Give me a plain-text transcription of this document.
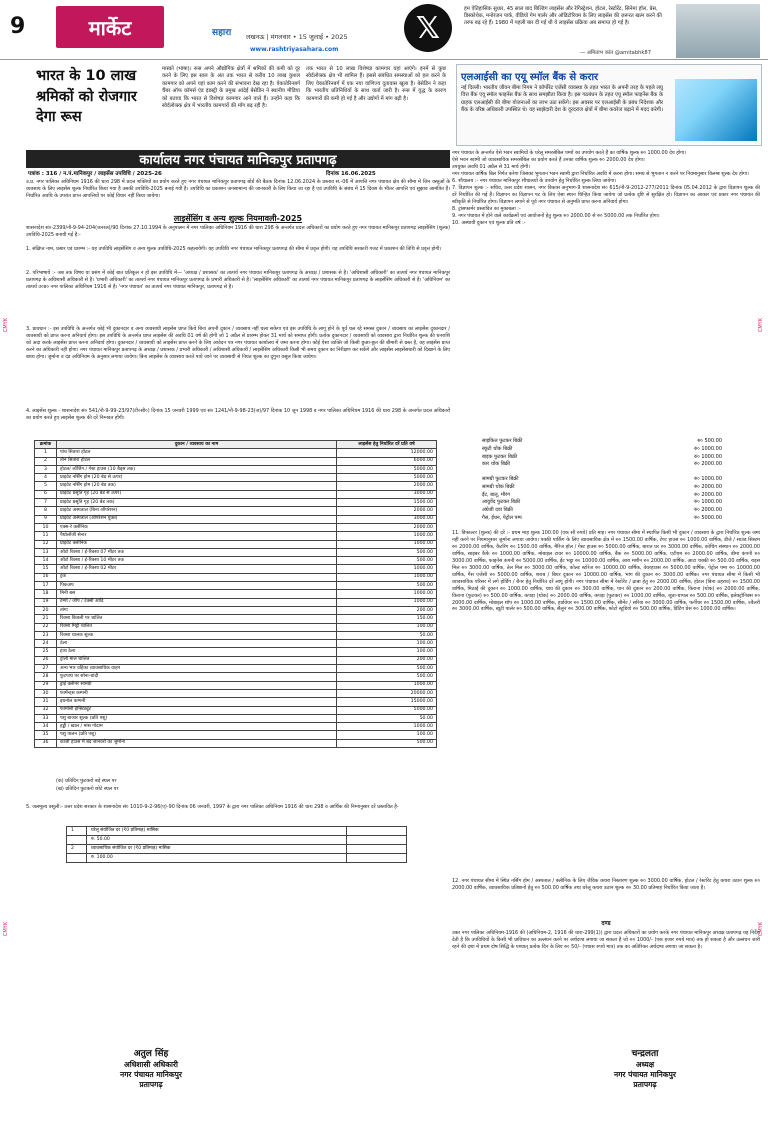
9	मार्केट	सहारा लखनऊ | मंगलवार • 15 जुलाई • 2025
www.rashtriyasahara.com
𝕏
हम ऐतिहासिक सुधार, 45 साल बाद बिल्डिंग लाइसेंस और रेगिस्ट्रेशन, होटल, रेस्टोरेंट, सिनेमा हॉल, प्रेस, डिस्कोथेक, मनोरंजन पार्क, वीडियो गेम पार्लर और ऑडिटोरियम के लिए लाइसेंस की ज़रूरत खत्म करने की तरफ बढ़ रहे हैं। 1980 में पहली बार दी गई थी ये लाइसेंस प्रक्रिया अब समाप्त हो गई है।
— अमिताभ कांत @amitabhk87
भारत के 10 लाख श्रमिकों को रोजगार देगा रूस
मास्को (भाषा)। रूस अपने औद्योगिक क्षेत्रों में श्रमिकों की कमी को दूर करने के लिए इस साल के अंत तक भारत से करीब 10 लाख कुशल कामगार को अपने यहां काम करने की संभावना देख रहा है। येकातेरिनबर्ग चैंबर ऑफ कॉमर्स एंड इंडस्ट्री के प्रमुख आंद्रेई बेसेडिन ने स्थानीय मीडिया को बताया कि भारत से विशेषज्ञ कामगार आने वाले हैं। उन्होंने कहा कि स्वेर्दलोव्स्क क्षेत्र में भारतीय कामगारों की माँग बढ़ रही है।
तक भारत से 10 लाख विशेषज्ञ कामगार यहां आएंगे। इनमें से कुछ स्वेर्दलोव्स्क क्षेत्र भी शामिल हैं। इससे संबंधित समस्याओं को हल करने के लिए येकातेरिनबर्ग में एक नया वाणिज्य दूतावास खुला है। बेसेडिन ने कहा कि भारतीय प्रतिनिधियों के साथ वार्ता जारी है। रूस में युद्ध के कारण कामगारों की कमी हो गई है और उद्योगों में मांग बढ़ी है।
एलआईसी का एयू स्मॉल बैंक से करार

नई दिल्ली। भारतीय जीवन बीमा निगम ने कॉर्पोरेट एजेंसी व्यवस्था के तहत भारत के अपनी तरह के पहले लघु वित्त बैंक एयू स्मॉल फाइनेंस बैंक के साथ समझौता किया है। इस गठबंधन के तहत एयू स्मॉल फाइनेंस बैंक के ग्राहक एलआईसी की बीमा योजनाओं का लाभ उठा सकेंगे। इस अवसर पर एलआईसी के प्रबंध निदेशक और बैंक के वरिष्ठ अधिकारी उपस्थित थे। यह साझेदारी देश के दूरदराज क्षेत्रों में बीमा कवरेज बढ़ाने में मदद करेगी।

कार्यालय नगर पंचायत मानिकपुर प्रतापगढ़
पत्रांक : 316 / न.पं.मानिकपुर / लाइसेंस उपविधि / 2025-26	दिनांक 16.06.2025
उ.प्र. नगर पालिका अधिनियम 1916 की धारा 298 में प्रदत्त शक्तियों का प्रयोग करते हुए नगर पंचायत मानिकपुर प्रतापगढ़ बोर्ड की बैठक दिनांक 12.06.2024 के प्रस्ताव सं.-06 में आपत्ति नगर पंचायत क्षेत्र की सीमा में जिन वस्तुओं के व्यवसाय के लिए लाइसेंस शुल्क निर्धारित किया गया है उसकी उपविधि-2025 बनाई गयी है। उपविधि का प्रकाशन जनसामान्य की जानकारी के लिए किया जा रहा है एवं उपविधि के संबंध में 15 दिवस के भीतर आपत्ति एवं सुझाव आमंत्रित हैं। निर्धारित अवधि के उपरांत प्राप्त आपत्तियों पर कोई विचार नहीं किया जायेगा।
लाइसेंसिंग व अन्य शुल्क नियमावली-2025
शासनादेश सं०-2399/नौ-9-94-204(जनरल)/90 दिनांक 27.10.1994 के अनुपालन में नगर पालिका अधिनियम 1916 की धारा 298 के अन्तर्गत प्रदत्त अधिकारों का प्रयोग करते हुए नगर पंचायत मानिकपुर प्रतापगढ़ लाइसेंसिंग (शुल्क) उपविधि-2025 बनायी गई है:-
1. संक्षिप्त नाम, प्रसार एवं प्रारम्भ :- यह उपविधि लाइसेंसिंग व अन्य शुल्क उपविधि-2025 कहलायेगी। यह उपविधि नगर पंचायत मानिकपुर प्रतापगढ़ की सीमा में प्रवृत्त होगी। यह उपविधि सरकारी गजट में प्रकाशन की तिथि से प्रवृत्त होगी।
2. परिभाषायें :- जब तक विषय या प्रसंग में कोई बात प्रतिकूल न हो इस उपविधि में— 'अध्यक्ष / प्रशासक' का तात्पर्य नगर पंचायत मानिकपुर प्रतापगढ़ के अध्यक्ष / प्रशासक से है। 'अधिशासी अधिकारी' का तात्पर्य नगर पंचायत मानिकपुर प्रतापगढ़ के अधिशासी अधिकारी से है। 'प्रभारी अधिकारी' का तात्पर्य नगर पंचायत मानिकपुर प्रतापगढ़ के प्रभारी अधिकारी से है। 'लाइसेंसिंग अधिकारी' का तात्पर्य नगर पंचायत मानिकपुर प्रतापगढ़ के लाइसेंसिंग अधिकारी से है। 'अधिनियम' का तात्पर्य उ०प्र० नगर पालिका अधिनियम 1916 से है। 'नगर पंचायत' का तात्पर्य नगर पंचायत मानिकपुर, प्रतापगढ़ से है।
3. प्रावधान :- इस उपविधि के अन्तर्गत कोई भी दुकानदार व अन्य व्यवसायी लाइसेंस प्राप्त किये बिना अपनी दुकान / व्यवसाय नहीं चला सकेगा एवं इस उपविधि के लागू होने के पूर्व चल रहे समस्त दुकान / व्यवसाय का लाइसेंस दुकानदार / व्यवसायी को प्राप्त करना अनिवार्य होगा। इस उपविधि के अन्तर्गत प्राप्त लाइसेंस की अवधि 01 वर्ष की होगी जो 1 अप्रैल से प्रारम्भ होकर 31 मार्च को समाप्त होगी। प्रत्येक दुकानदार / व्यवसायी को व्यवसाय द्वारा निर्धारित शुल्क की धनराशि को अदा करके लाइसेंस प्राप्त करना अनिवार्य होगा। दुकानदार / व्यवसायी को लाइसेंस प्राप्त करने के लिए आवेदन पत्र नगर पंचायत कार्यालय में जमा करना होगा। कोई ऐसा व्यक्ति जो किसी छुआ-छूत की बीमारी से ग्रस्त है, वह लाइसेंस प्राप्त करने का अधिकारी नहीं होगा। नगर पंचायत मानिकपुर प्रतापगढ़ के अध्यक्ष / प्रशासक / प्रभारी अधिकारी / अधिशासी अधिकारी / लाइसेंसिंग अधिकारी किसी भी समय दुकान का निरीक्षण कर सकेंगे और लाइसेंस लाइसेंसधारी को दिखाने के लिए बाध्य होगा। जुर्माना व दंड अधिनियम के अनुसार लगाया जायेगा। बिना लाइसेंस के व्यवसाय करते पाये जाने पर व्यवसायी से नियत शुल्क का दुगुना वसूल किया जायेगा।
4. लाइसेंस शुल्क - शासनादेश सं० 541/नौ-9-99-23/97(टी०सी०) दिनांक 15 जनवरी 1999 एवं सं० 1241/नौ-9-98-23(ज)/97 दिनांक 10 जून 1998 व नगर पालिका अधिनियम 1916 की धारा 298 के अन्तर्गत प्रदत्त अधिकारों का प्रयोग करते हुए लाइसेंस शुल्क की दरें निम्नवत होंगी।
क्रमांक	दुकान / व्यवसाय का नाम	लाइसेंस हेतु निर्धारित दरें प्रति वर्ष
1	पांच सितारा होटल	12000.00
2	तीन सितारा होटल	6000.00
3	होटल/ लॉजिंग / गेस्ट हाउस (10 बैड्स तक)	5000.00
4	प्राइवेट नर्सिंग होम (20 बेड से ऊपर)	5000.00
5	प्राइवेट नर्सिंग होम (20 बेड तक)	2000.00
6	प्राइवेट प्रसूति गृह (20 बेड से ऊपर)	3000.00
7	प्राइवेट प्रसूति गृह (20 बेड तक)	1500.00
8	प्राइवेट अस्पताल (बिना ऑपरेशन)	2000.00
9	प्राइवेट अस्पताल (ऑपरेशन युक्त)	3000.00
10	एक्स-रे क्लीनिक	2000.00
11	पैथोलॉजी सेन्टर	1000.00
12	प्राइवेट क्लीनिक	1000.00
13	ऑटो रिक्शा / ई-रिक्शा 07 मीटर तक	500.00
14	ऑटो रिक्शा / ई-रिक्शा 10 मीटर तक	500.00
15	ऑटो रिक्शा / ई-रिक्शा 02 मीटर	1000.00
16	ट्रक	1000.00
17	पिकअप	500.00
18	मिनी बस	1000.00
19	टेम्पो / जीप / टैक्सी आदि	1000.00
20	तांगा	200.00
21	रिक्शा बिजली पर चालित	150.00
22	रिक्शा मिट्टी चालित	100.00
23	रिक्शा चालक शुल्क	50.00
24	ठेला	100.00
25	हाथ ठेला	100.00
26	ट्रॉली माल चालित	200.00
27	अन्य भार वहिका व्यावसायिक वाहन	500.00
28	फुटपाथ पर सोना-चांदी	500.00
29	ड्राई क्लीनर सामग्री	1000.00
30	फार्मेन्ट्स कम्पनी	20000.00
31	इथनोल कम्पनी	15000.00
32	फार्मासी इन्स्टिट्यूट	5000.00
33	पशु बाजार शुल्क (प्रति पशु)	50.00
34	हड्डी / खाल / मांस गोदाम	1000.00
35	पशु पालन (प्रति पशु)	100.00
36	काजी हाउस में बंद जानवरों का जुर्माना	500.00
(क) प्रतिदिन फुटकरो बड़े स्थल पर
(ख) प्रतिदिन फुटकरो छोटे स्थल पर
5. जलमूल्य वसूली:- उत्तर प्रदेश सरकार के शासनादेश सं० 1010-9-2-96(ए)-90 दिनांक 06 जनवरी, 1997 के द्वारा नगर पालिका अधिनियम 1916 की धारा 298 व आर्थिक की निम्नानुसार दरें प्रस्तावित है-
1	घरेलू संयोजित दर (₹0 प्रतिमाह) मासिक	
	रु. 50.00	
2	व्यावसायिक संयोजित दर (₹0 प्रतिमाह) मासिक	
	रु. 100.00	
अतुल सिंह
अधिशासी अधिकारी
नगर पंचायत मानिकपुर
प्रतापगढ़
नगर पंचायत के अन्तर्गत ऐसे भवन स्वामियों के घरेलू समरसेबिल पम्पों का उपयोग करते हैं का वार्षिक शुल्क रु० 1000.00 देय होगा।
ऐसे भवन स्वामी जो व्यावसायिक समरसेबिल का प्रयोग करते हैं उनका वार्षिक शुल्क रु० 2000.00 देय होगा।
उपयुक्त अवधि 01 अप्रैल से 31 मार्च होगी।
नगर पंचायत वार्षिक बिल निर्गत करेगा जिसका भुगतान भवन स्वामी द्वारा निर्धारित अवधि में करना होगा। समय से भुगतान न करने पर नियमानुसार विलम्ब शुल्क देय होगा।
6. शौचालय :- नगर पंचायत मानिकपुर शौचालयों के उपयोग हेतु निर्धारित शुल्क लिया जायेगा।
7. विज्ञापन शुल्क :- सचिव, उत्तर प्रदेश शासन, नगर विकास अनुभाग-9 शासनादेश सं० 615/नौ-9-2012-277/2011 दिनांक 05.04.2012 के द्वारा विज्ञापन शुल्क की दरें निर्धारित की गई हैं। विज्ञापन का विज्ञापन पट के लिए ऐसा स्थान चिन्हित किया जायेगा जो प्रत्येक दृष्टि से सुरक्षित हो। विज्ञापन का आकार एवं प्रकार नगर पंचायत की स्वीकृति से निर्धारित होगा। विज्ञापन लगाने से पूर्व नगर पंचायत से अनुमति प्राप्त करना अनिवार्य होगा।
8. ट्रांसफार्मर प्रस्तावित का मुकाबला :-
9. नगर पंचायत में होने वाले कार्यक्रमों एवं आयोजनों हेतु शुल्क रु० 2000.00 से रु० 5000.00 तक निर्धारित होगा।
10. अस्थायी दुकान एवं शुल्क प्रति वर्ष :-
साइकिल फुटकर बिक्री	रु० 500.00
स्कूटी थोक बिक्री	रु० 1000.00
बाइक फुटकर बिक्री	रु० 1000.00
कार थोक बिक्री	रु० 2000.00
सामग्री फुटकर बिक्री	रु० 1000.00
सामग्री थोक बिक्री	रु० 2000.00
ईंट, बालू, मौरंग	रु० 2000.00
आयुर्वेद फुटकर बिक्री	रु० 1000.00
अंग्रेजी दवा बिक्री	रु० 2000.00
गैस, ईंधन, पेट्रोल पम्प	रु० 5000.00
11. डिफाल्टर (शुल्क) की दरें :- प्रथम माह शुल्क 100.00 (एक सौ रुपये) प्रति माह। नगर पंचायत सीमा में स्थापित किसी भी दुकान / व्यवसाय के द्वारा निर्धारित शुल्क जमा नहीं करने पर नियमानुसार जुर्माना लगाया जायेगा। पक्की पार्किंग के लिए व्यावसायिक क्षेत्र में रु० 1500.00 वार्षिक, टेण्ट हाउस रु० 1000.00 वार्षिक, डीजे / साउंड सिस्टम रु० 2000.00 वार्षिक, कैटरिंग रु० 1500.00 वार्षिक, मैरिज हॉल / गेस्ट हाउस रु० 5000.00 वार्षिक, बारात घर रु० 3000.00 वार्षिक, कोचिंग संस्थान रु० 2000.00 वार्षिक, साइबर कैफे रु० 1000.00 वार्षिक, मोबाइल टावर रु० 10000.00 वार्षिक, बैंक रु० 5000.00 वार्षिक, एटीएम रु० 2000.00 वार्षिक, बीमा कंपनी रु० 3000.00 वार्षिक, फाइनेंस कंपनी रु० 5000.00 वार्षिक, ईंट भट्ठा रु० 10000.00 वार्षिक, आरा मशीन रु० 2000.00 वार्षिक, आटा चक्की रु० 500.00 वार्षिक, राइस मिल रु० 3000.00 वार्षिक, तेल मिल रु० 3000.00 वार्षिक, कोल्ड स्टोरेज रु० 10000.00 वार्षिक, वेयरहाउस रु० 5000.00 वार्षिक, पेट्रोल पम्प रु० 10000.00 वार्षिक, गैस एजेंसी रु० 5000.00 वार्षिक, शराब / बियर दुकान रु० 10000.00 वार्षिक, भांग की दुकान रु० 3000.00 वार्षिक। नगर पंचायत सीमा में किसी भी व्यावसायिक परिसर में लगे होर्डिंग / बैनर हेतु निर्धारित दरें लागू होंगी। नगर पंचायत सीमा में रेस्टोरेंट / ढाबा हेतु रु० 2000.00 वार्षिक, होटल (बिना ठहराव) रु० 1500.00 वार्षिक, मिठाई की दुकान रु० 1000.00 वार्षिक, चाय की दुकान रु० 300.00 वार्षिक, पान की दुकान रु० 200.00 वार्षिक, किराना (थोक) रु० 2000.00 वार्षिक, किराना (फुटकर) रु० 500.00 वार्षिक, कपड़ा (थोक) रु० 2000.00 वार्षिक, कपड़ा (फुटकर) रु० 1000.00 वार्षिक, जूता-चप्पल रु० 500.00 वार्षिक, इलेक्ट्रॉनिक्स रु० 2000.00 वार्षिक, मोबाइल शॉप रु० 1000.00 वार्षिक, हार्डवेयर रु० 1500.00 वार्षिक, सीमेंट / सरिया रु० 3000.00 वार्षिक, फर्नीचर रु० 1500.00 वार्षिक, ज्वैलरी रु० 3000.00 वार्षिक, ब्यूटी पार्लर रु० 500.00 वार्षिक, सैलून रु० 300.00 वार्षिक, फोटो स्टूडियो रु० 500.00 वार्षिक, प्रिंटिंग प्रेस रु० 1000.00 वार्षिक।
12. नगर पंचायत सीमा में स्थित नर्सिंग होम / अस्पताल / क्लीनिक के लिए जैविक कचरा निस्तारण शुल्क रु० 3000.00 वार्षिक, होटल / रेस्टोरेंट हेतु कचरा उठान शुल्क रु० 2000.00 वार्षिक, व्यावसायिक प्रतिष्ठानों हेतु रु० 500.00 वार्षिक तथा घरेलू कचरा उठान शुल्क रु० 30.00 प्रतिमाह निर्धारित किया जाता है।
दण्ड
उक्त नगर पालिका अधिनियम-1916 की (अधिनियम-2, 1916 की धारा-299(1)) द्वारा प्रदत्त अधिकारों का प्रयोग करके नगर पंचायत मानिकपुर अध्यक्ष प्रतापगढ़ यह निर्देश देती है कि उपविधियों के किसी भी प्राविधान का उल्लंघन करने पर अर्थदण्ड लगाया जा सकता है जो रु० 1000/- (एक हजार रुपये मात्र) तक हो सकता है और उल्लंघन जारी रहने की दशा में प्रथम दोष सिद्धि के पश्चात् प्रत्येक दिन के लिए रु० 50/- (पचास रुपये मात्र) तक का अतिरिक्त अर्थदण्ड लगाया जा सकता है।
चन्द्रलता
अध्यक्ष
नगर पंचायत मानिकपुर
प्रतापगढ़
CMYK
CMYK
CMYK
CMYK
